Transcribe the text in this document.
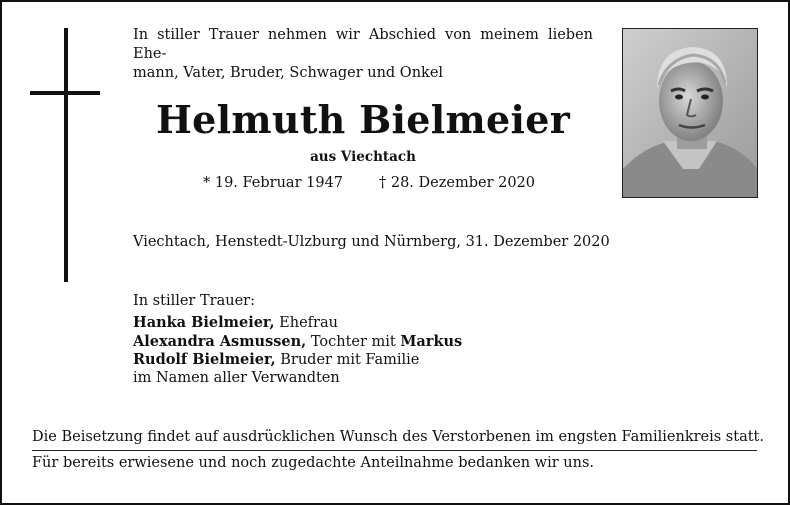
In stiller Trauer nehmen wir Abschied von meinem lieben Ehe-
mann, Vater, Bruder, Schwager und Onkel

Helmuth Bielmeier

aus Viechtach

* 19. Februar 1947 † 28. Dezember 2020

Viechtach, Henstedt-Ulzburg und Nürnberg, 31. Dezember 2020

In stiller Trauer:

Hanka Bielmeier, Ehefrau
Alexandra Asmussen, Tochter mit Markus
Rudolf Bielmeier, Bruder mit Familie
im Namen aller Verwandten

Die Beisetzung findet auf ausdrücklichen Wunsch des Verstorbenen im engsten Familienkreis statt.

Für bereits erwiesene und noch zugedachte Anteilnahme bedanken wir uns.
